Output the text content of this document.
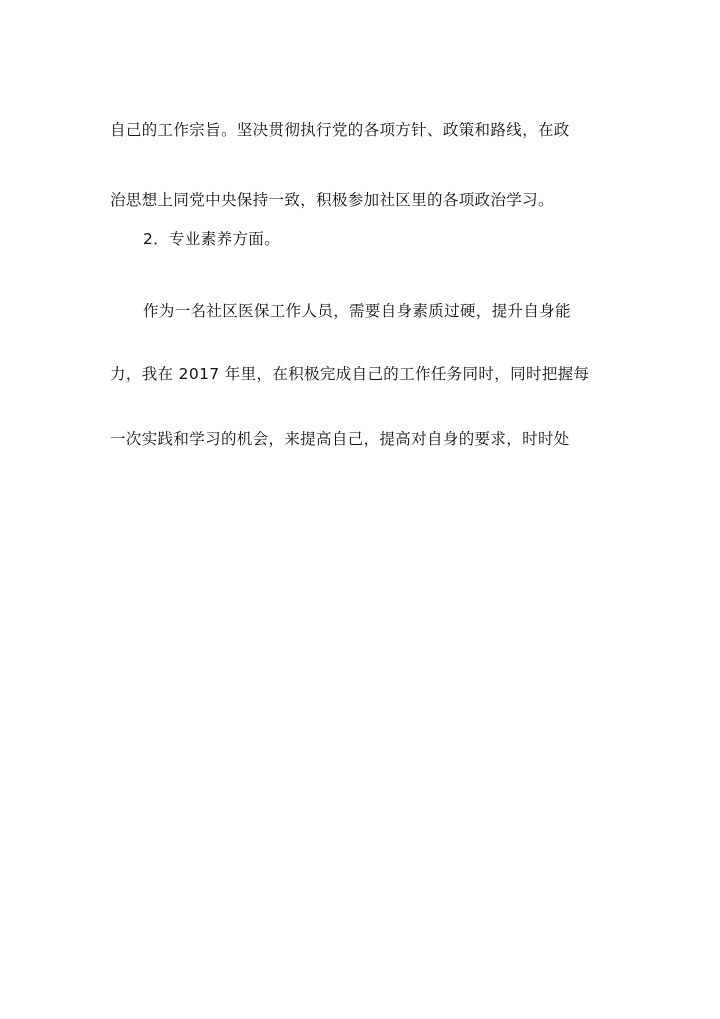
自己的工作宗旨。坚决贯彻执行党的各项方针、政策和路线，在政
治思想上同党中央保持一致，积极参加社区里的各项政治学习。
2．专业素养方面。
作为一名社区医保工作人员，需要自身素质过硬，提升自身能
力，我在 2017 年里，在积极完成自己的工作任务同时，同时把握每
一次实践和学习的机会，来提高自己，提高对自身的要求，时时处
